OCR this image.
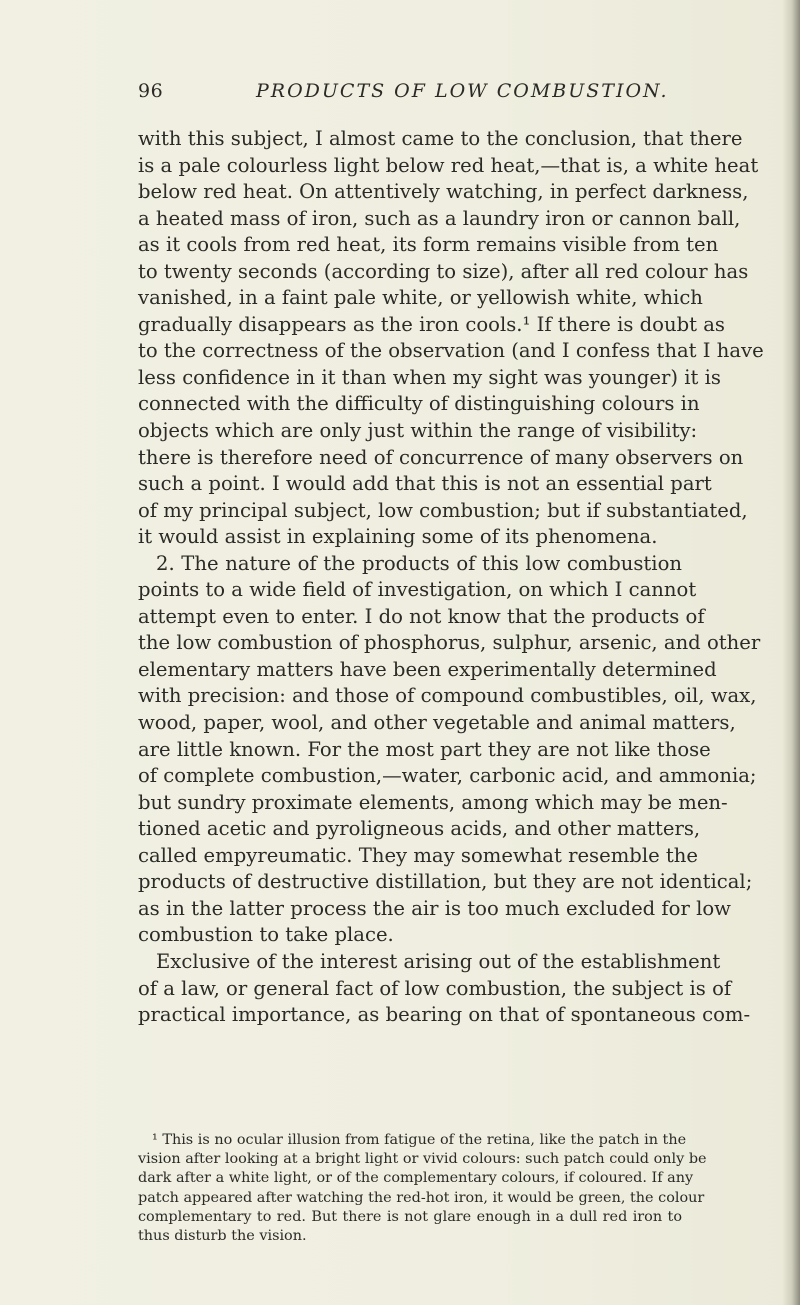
96	PRODUCTS OF LOW COMBUSTION.
with this subject, I almost came to the conclusion, that there
is a pale colourless light below red heat,—that is, a white heat
below red heat. On attentively watching, in perfect darkness,
a heated mass of iron, such as a laundry iron or cannon ball,
as it cools from red heat, its form remains visible from ten
to twenty seconds (according to size), after all red colour has
vanished, in a faint pale white, or yellowish white, which
gradually disappears as the iron cools.¹ If there is doubt as
to the correctness of the observation (and I confess that I have
less confidence in it than when my sight was younger) it is
connected with the difficulty of distinguishing colours in
objects which are only just within the range of visibility:
there is therefore need of concurrence of many observers on
such a point. I would add that this is not an essential part
of my principal subject, low combustion; but if substantiated,
it would assist in explaining some of its phenomena.
2. The nature of the products of this low combustion
points to a wide field of investigation, on which I cannot
attempt even to enter. I do not know that the products of
the low combustion of phosphorus, sulphur, arsenic, and other
elementary matters have been experimentally determined
with precision: and those of compound combustibles, oil, wax,
wood, paper, wool, and other vegetable and animal matters,
are little known. For the most part they are not like those
of complete combustion,—water, carbonic acid, and ammonia;
but sundry proximate elements, among which may be men-
tioned acetic and pyroligneous acids, and other matters,
called empyreumatic. They may somewhat resemble the
products of destructive distillation, but they are not identical;
as in the latter process the air is too much excluded for low
combustion to take place.
Exclusive of the interest arising out of the establishment
of a law, or general fact of low combustion, the subject is of
practical importance, as bearing on that of spontaneous com-
¹ This is no ocular illusion from fatigue of the retina, like the patch in the
vision after looking at a bright light or vivid colours: such patch could only be
dark after a white light, or of the complementary colours, if coloured. If any
patch appeared after watching the red-hot iron, it would be green, the colour
complementary to red. But there is not glare enough in a dull red iron to
thus disturb the vision.
